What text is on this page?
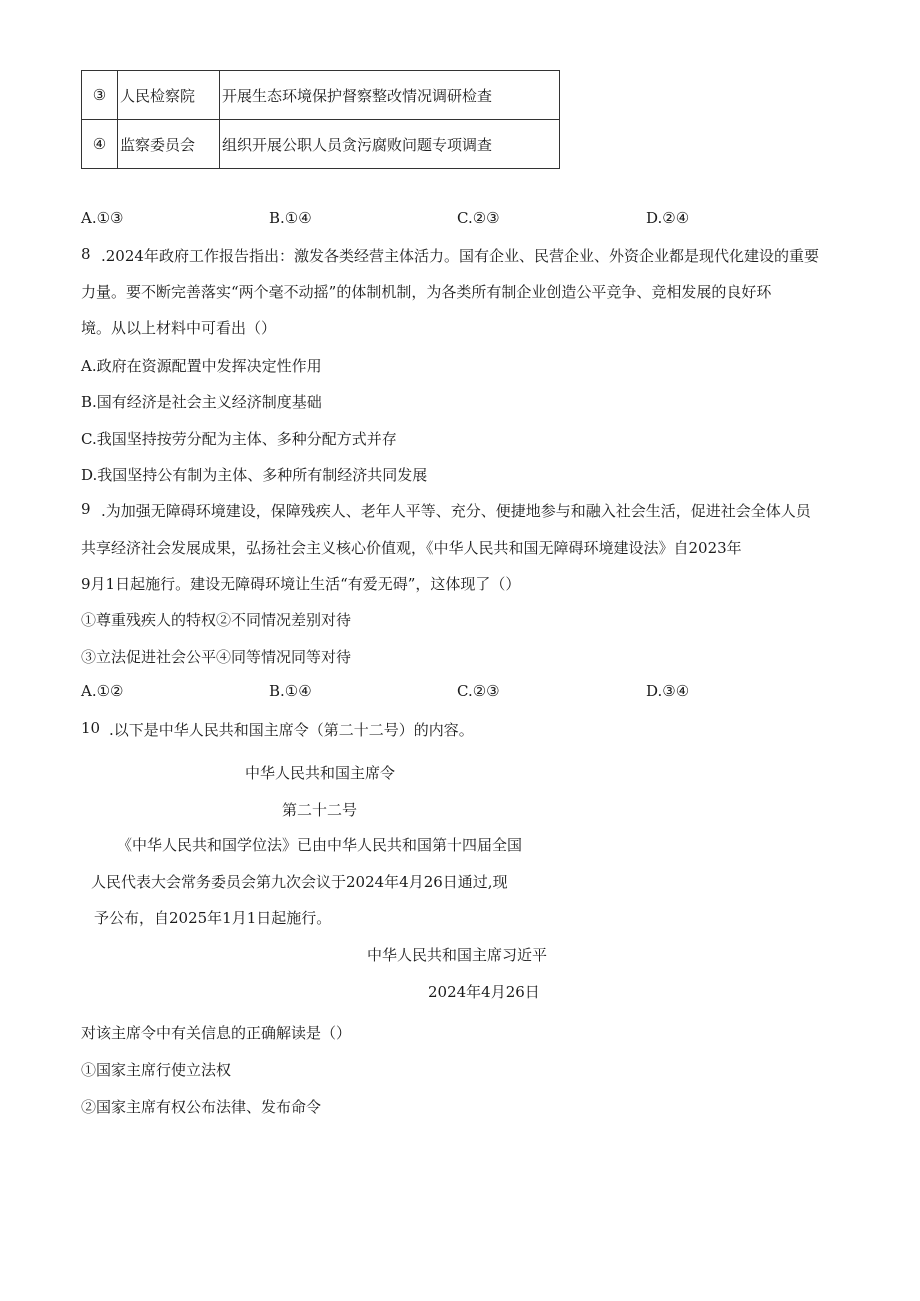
③	人民检察院	开展生态环境保护督察整改情况调研检查
④	监察委员会	组织开展公职人员贪污腐败问题专项调查
A.①③	B.①④	C.②③	D.②④
8 .2024年政府工作报告指出：激发各类经营主体活力。国有企业、民营企业、外资企业都是现代化建设的重要
力量。要不断完善落实“两个毫不动摇”的体制机制，为各类所有制企业创造公平竞争、竞相发展的良好环
境。从以上材料中可看出（）
A.政府在资源配置中发挥决定性作用
B.国有经济是社会主义经济制度基础
C.我国坚持按劳分配为主体、多种分配方式并存
D.我国坚持公有制为主体、多种所有制经济共同发展
9 .为加强无障碍环境建设，保障残疾人、老年人平等、充分、便捷地参与和融入社会生活，促进社会全体人员
共享经济社会发展成果，弘扬社会主义核心价值观，《中华人民共和国无障碍环境建设法》自2023年
9月1日起施行。建设无障碍环境让生活“有爱无碍”，这体现了（）
①尊重残疾人的特权②不同情况差别对待
③立法促进社会公平④同等情况同等对待
A.①②	B.①④	C.②③	D.③④
10 .以下是中华人民共和国主席令（第二十二号）的内容。
中华人民共和国主席令
第二十二号
《中华人民共和国学位法》已由中华人民共和国第十四届全国
人民代表大会常务委员会第九次会议于2024年4月26日通过,现
予公布，自2025年1月1日起施行。
中华人民共和国主席习近平
2024年4月26日
对该主席令中有关信息的正确解读是（）
①国家主席行使立法权
②国家主席有权公布法律、发布命令
